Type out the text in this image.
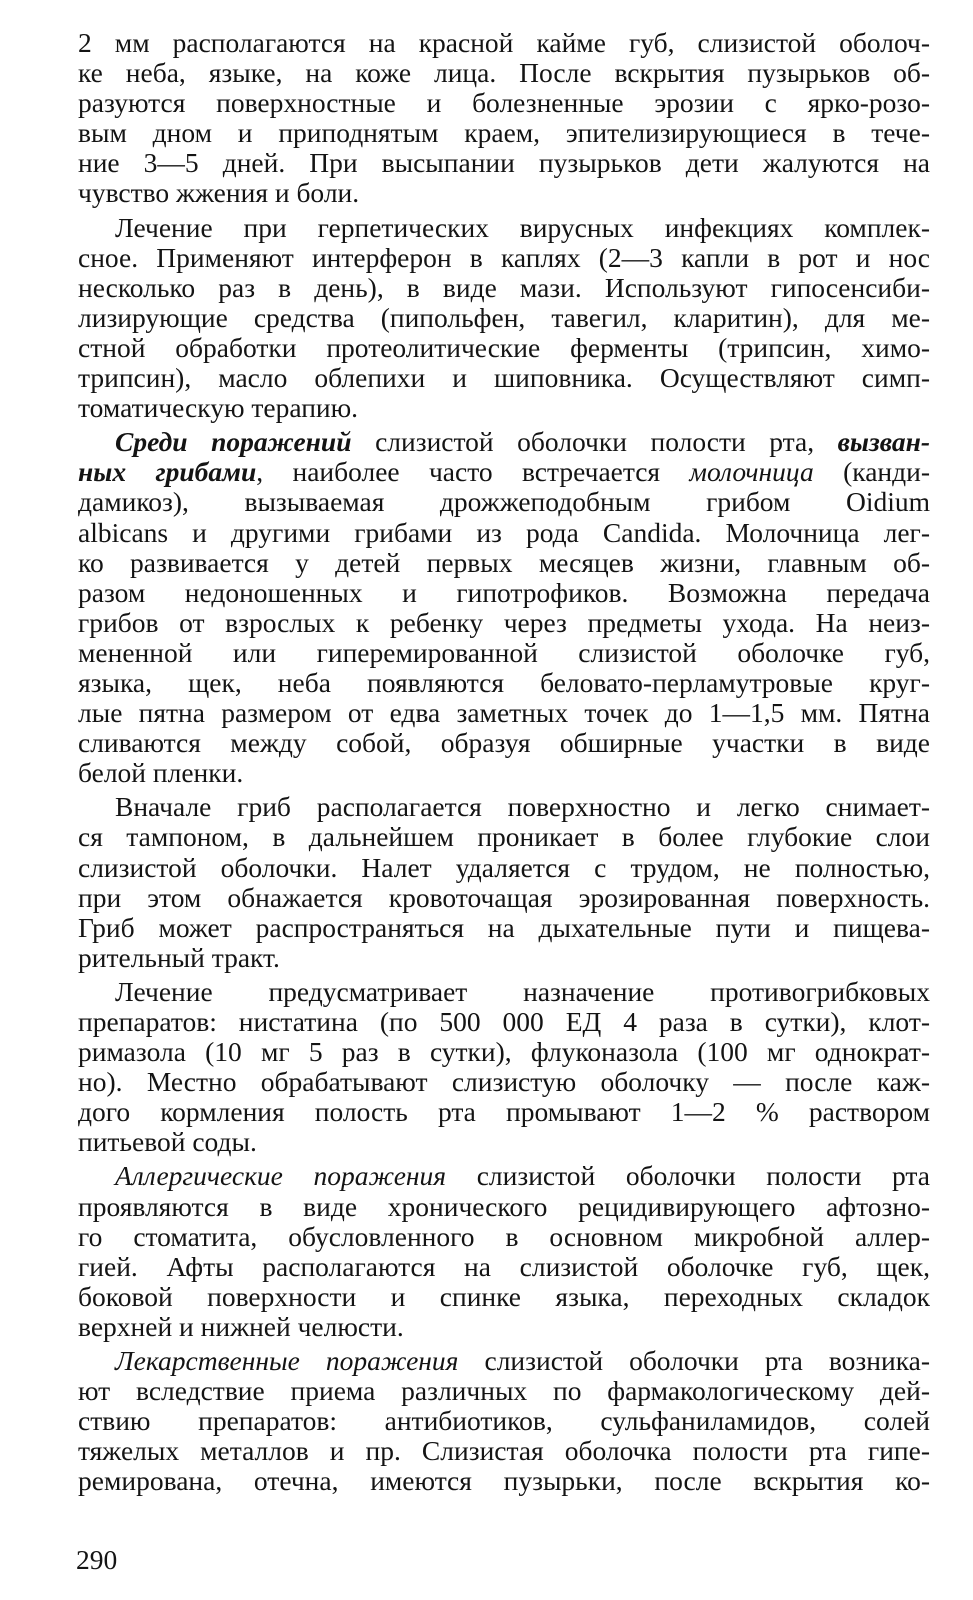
2 мм располагаются на красной кайме губ, слизистой оболоч-
ке неба, языке, на коже лица. После вскрытия пузырьков об-
разуются поверхностные и болезненные эрозии с ярко-розо-
вым дном и приподнятым краем, эпителизирующиеся в тече-
ние 3—5 дней. При высыпании пузырьков дети жалуются на
чувство жжения и боли.
Лечение при герпетических вирусных инфекциях комплек-
сное. Применяют интерферон в каплях (2—3 капли в рот и нос
несколько раз в день), в виде мази. Используют гипосенсиби-
лизирующие средства (пипольфен, тавегил, кларитин), для ме-
стной обработки протеолитические ферменты (трипсин, химо-
трипсин), масло облепихи и шиповника. Осуществляют симп-
томатическую терапию.
Среди поражений слизистой оболочки полости рта, вызван-
ных грибами, наиболее часто встречается молочница (канди-
дамикоз), вызываемая дрожжеподобным грибом Oidium
albicans и другими грибами из рода Candida. Молочница лег-
ко развивается у детей первых месяцев жизни, главным об-
разом недоношенных и гипотрофиков. Возможна передача
грибов от взрослых к ребенку через предметы ухода. На неиз-
мененной или гиперемированной слизистой оболочке губ,
языка, щек, неба появляются беловато-перламутровые круг-
лые пятна размером от едва заметных точек до 1—1,5 мм. Пятна
сливаются между собой, образуя обширные участки в виде
белой пленки.
Вначале гриб располагается поверхностно и легко снимает-
ся тампоном, в дальнейшем проникает в более глубокие слои
слизистой оболочки. Налет удаляется с трудом, не полностью,
при этом обнажается кровоточащая эрозированная поверхность.
Гриб может распространяться на дыхательные пути и пищева-
рительный тракт.
Лечение предусматривает назначение противогрибковых
препаратов: нистатина (по 500 000 ЕД 4 раза в сутки), клот-
римазола (10 мг 5 раз в сутки), флуконазола (100 мг однократ-
но). Местно обрабатывают слизистую оболочку — после каж-
дого кормления полость рта промывают 1—2 % раствором
питьевой соды.
Аллергические поражения слизистой оболочки полости рта
проявляются в виде хронического рецидивирующего афтозно-
го стоматита, обусловленного в основном микробной аллер-
гией. Афты располагаются на слизистой оболочке губ, щек,
боковой поверхности и спинке языка, переходных складок
верхней и нижней челюсти.
Лекарственные поражения слизистой оболочки рта возника-
ют вследствие приема различных по фармакологическому дей-
ствию препаратов: антибиотиков, сульфаниламидов, солей
тяжелых металлов и пр. Слизистая оболочка полости рта гипе-
ремирована, отечна, имеются пузырьки, после вскрытия ко-
290
